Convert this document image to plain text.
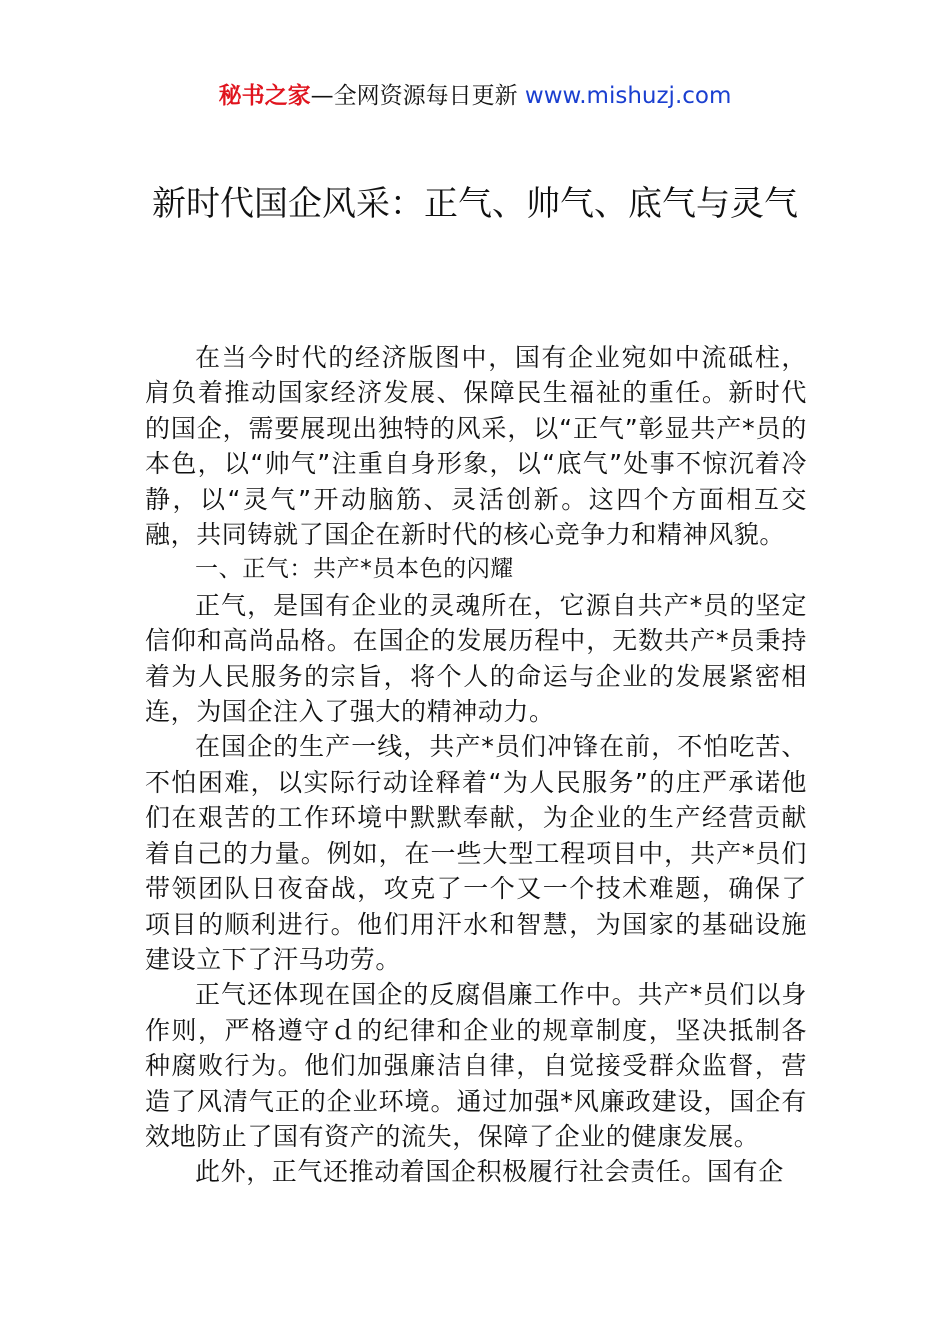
秘书之家—全网资源每日更新 www.mishuzj.com
新时代国企风采：正气、帅气、底气与灵气

在当今时代的经济版图中，国有企业宛如中流砥柱，肩负着推动国家经济发展、保障民生福祉的重任。新时代的国企，需要展现出独特的风采，以“正气”彰显共产*员的本色，以“帅气”注重自身形象，以“底气”处事不惊沉着冷静，以“灵气”开动脑筋、灵活创新。这四个方面相互交融，共同铸就了国企在新时代的核心竞争力和精神风貌。

一、正气：共产*员本色的闪耀

正气，是国有企业的灵魂所在，它源自共产*员的坚定信仰和高尚品格。在国企的发展历程中，无数共产*员秉持着为人民服务的宗旨，将个人的命运与企业的发展紧密相连，为国企注入了强大的精神动力。

在国企的生产一线，共产*员们冲锋在前，不怕吃苦、不怕困难，以实际行动诠释着“为人民服务”的庄严承诺他们在艰苦的工作环境中默默奉献，为企业的生产经营贡献着自己的力量。例如，在一些大型工程项目中，共产*员们带领团队日夜奋战，攻克了一个又一个技术难题，确保了项目的顺利进行。他们用汗水和智慧，为国家的基础设施建设立下了汗马功劳。

正气还体现在国企的反腐倡廉工作中。共产*员们以身作则，严格遵守ｄ的纪律和企业的规章制度，坚决抵制各种腐败行为。他们加强廉洁自律，自觉接受群众监督，营造了风清气正的企业环境。通过加强*风廉政建设，国企有效地防止了国有资产的流失，保障了企业的健康发展。

此外，正气还推动着国企积极履行社会责任。国有企
